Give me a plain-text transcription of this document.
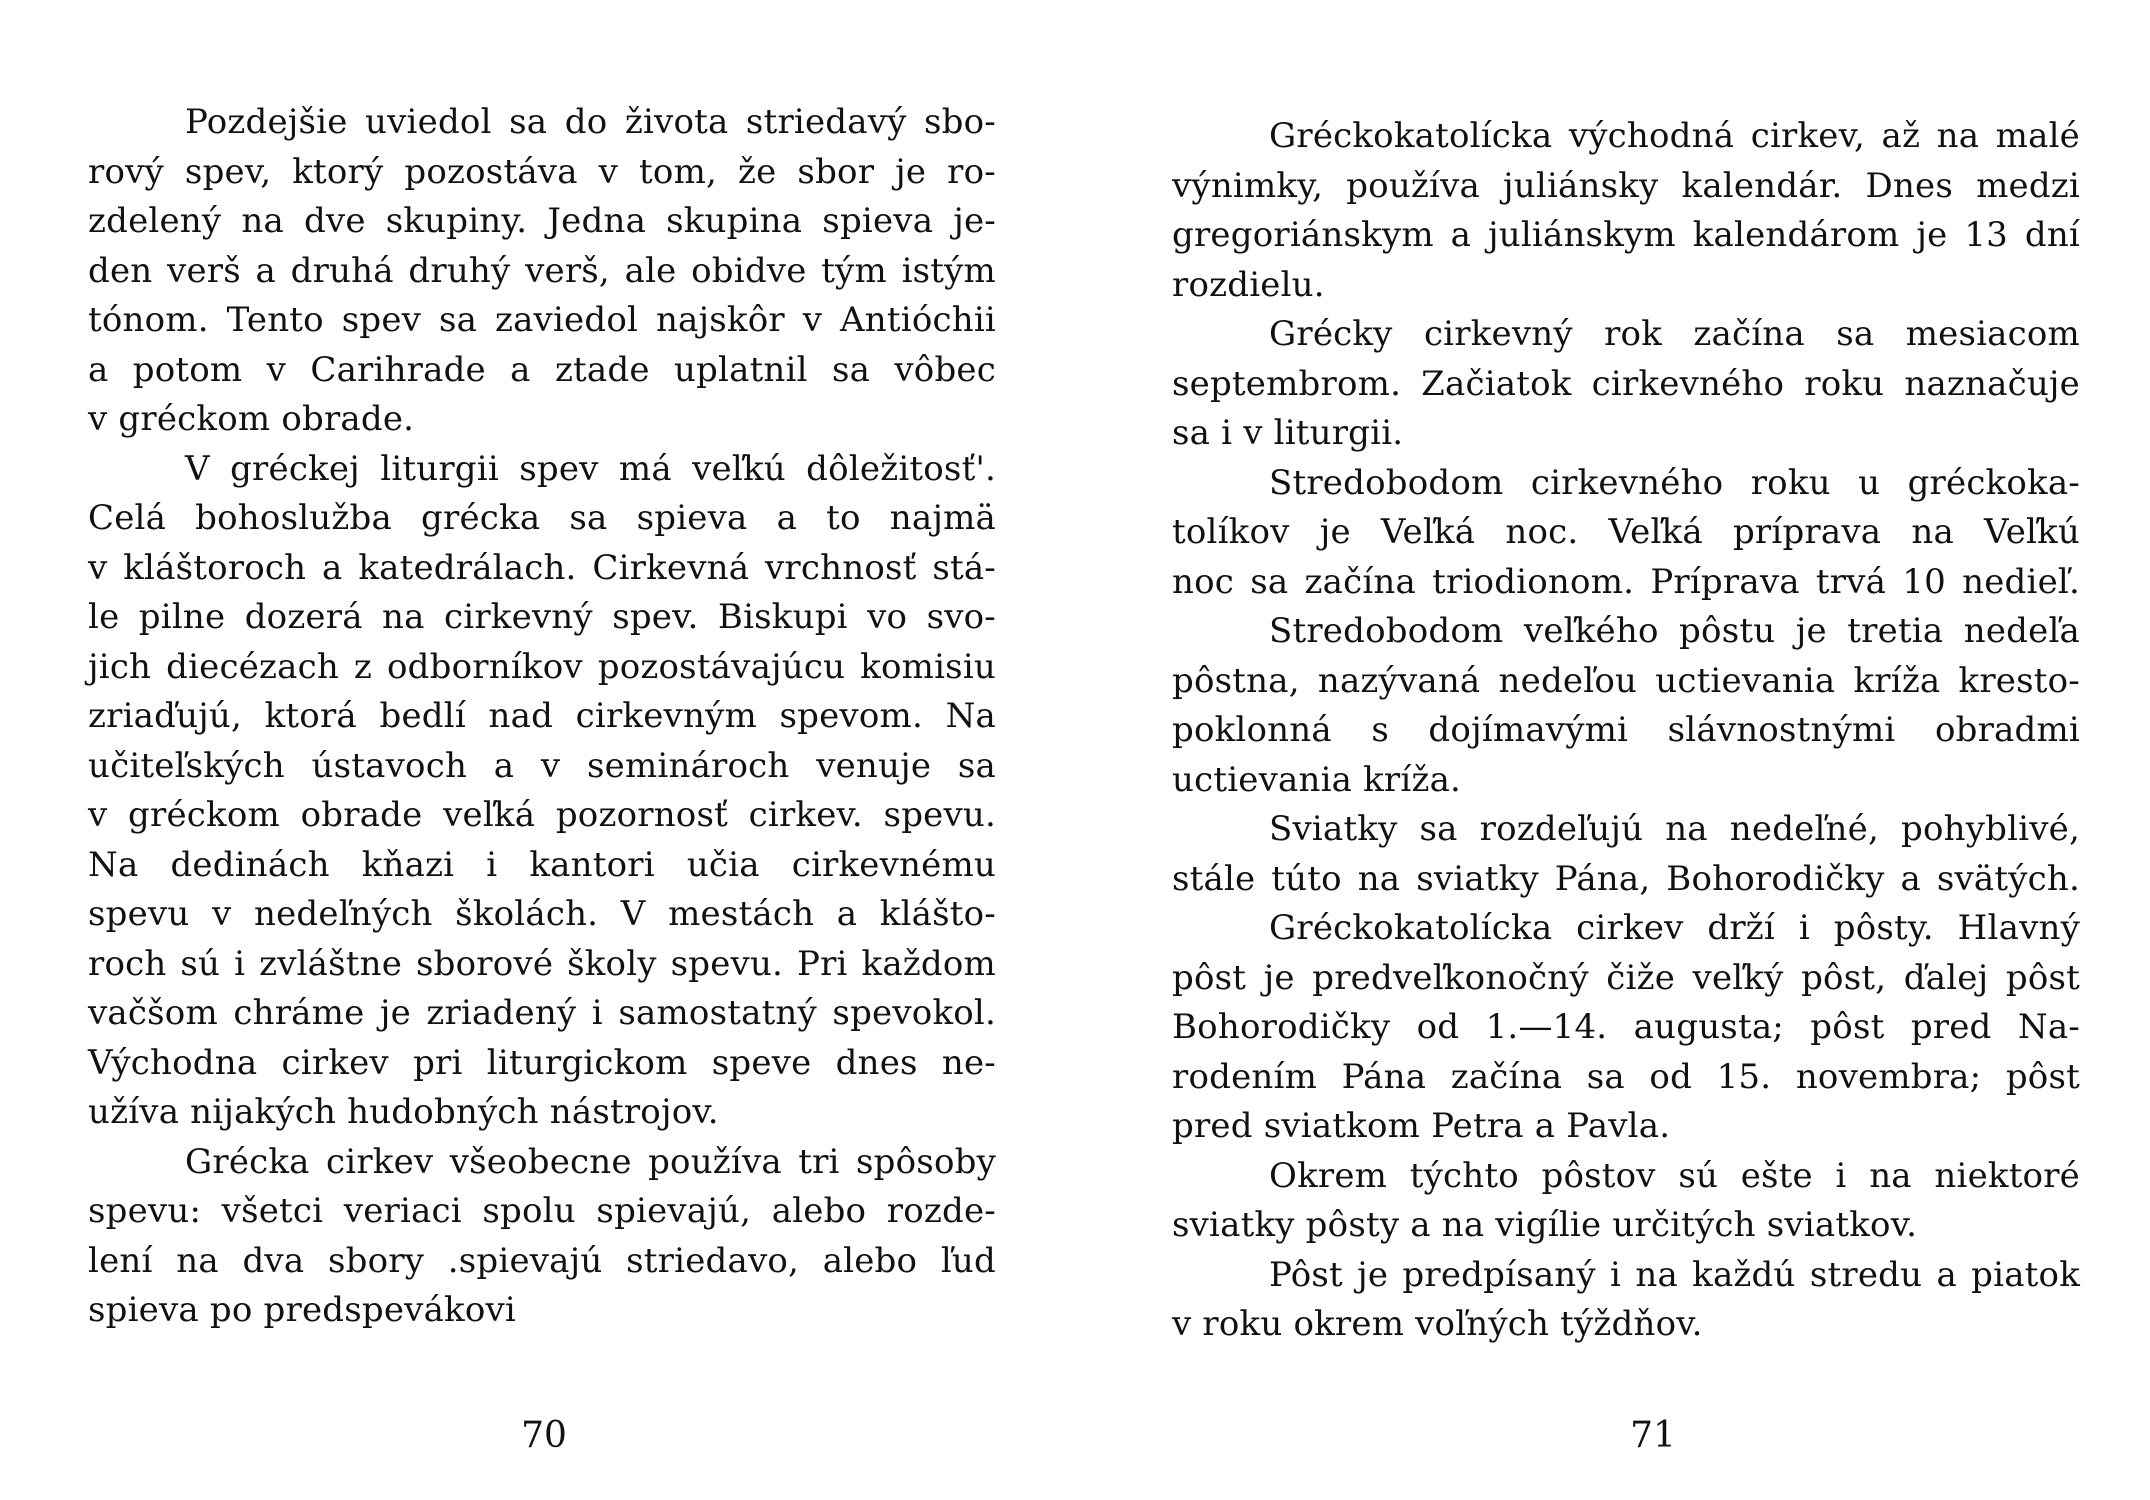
Pozdejšie uviedol sa do života striedavý sbo-
rový spev, ktorý pozostáva v tom, že sbor je ro-
zdelený na dve skupiny. Jedna skupina spieva je-
den verš a druhá druhý verš, ale obidve tým istým
tónom. Tento spev sa zaviedol najskôr v Antióchii
a potom v Carihrade a ztade uplatnil sa vôbec
v gréckom obrade.
V gréckej liturgii spev má veľkú dôležitosť'.
Celá bohoslužba grécka sa spieva a to najmä
v kláštoroch a katedrálach. Cirkevná vrchnosť stá-
le pilne dozerá na cirkevný spev. Biskupi vo svo-
jich diecézach z odborníkov pozostávajúcu komisiu
zriaďujú, ktorá bedlí nad cirkevným spevom. Na
učiteľských ústavoch a v seminároch venuje sa
v gréckom obrade veľká pozornosť cirkev. spevu.
Na dedinách kňazi i kantori učia cirkevnému
spevu v nedeľných školách. V mestách a klášto-
roch sú i zvláštne sborové školy spevu. Pri každom
vačšom chráme je zriadený i samostatný spevokol.
Východna cirkev pri liturgickom speve dnes ne-
užíva nijakých hudobných nástrojov.
Grécka cirkev všeobecne používa tri spôsoby
spevu: všetci veriaci spolu spievajú, alebo rozde-
lení na dva sbory .spievajú striedavo, alebo ľud
spieva po predspevákovi
70
Gréckokatolícka východná cirkev, až na malé
výnimky, používa juliánsky kalendár. Dnes medzi
gregoriánskym a juliánskym kalendárom je 13 dní
rozdielu.
Grécky cirkevný rok začína sa mesiacom
septembrom. Začiatok cirkevného roku naznačuje
sa i v liturgii.
Stredobodom cirkevného roku u gréckoka-
tolíkov je Veľká noc. Veľká príprava na Veľkú
noc sa začína triodionom. Príprava trvá 10 nedieľ.
Stredobodom veľkého pôstu je tretia nedeľa
pôstna, nazývaná nedeľou uctievania kríža kresto-
poklonná s dojímavými slávnostnými obradmi
uctievania kríža.
Sviatky sa rozdeľujú na nedeľné, pohyblivé,
stále túto na sviatky Pána, Bohorodičky a svätých.
Gréckokatolícka cirkev drží i pôsty. Hlavný
pôst je predveľkonočný čiže veľký pôst, ďalej pôst
Bohorodičky od 1.—14. augusta; pôst pred Na-
rodením Pána začína sa od 15. novembra; pôst
pred sviatkom Petra a Pavla.
Okrem týchto pôstov sú ešte i na niektoré
sviatky pôsty a na vigílie určitých sviatkov.
Pôst je predpísaný i na každú stredu a piatok
v roku okrem voľných týždňov.
71
